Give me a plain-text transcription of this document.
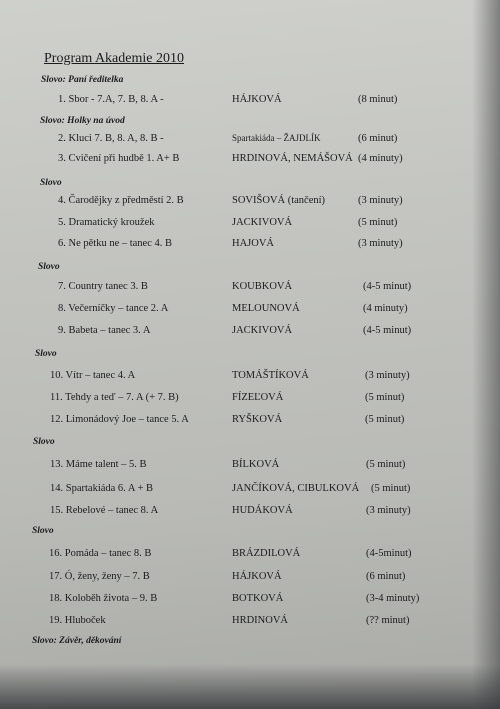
Program Akademie 2010
Slovo: Paní ředitelka
1. Sbor - 7.A, 7. B, 8. A -	HÁJKOVÁ	(8 minut)
Slovo: Holky na úvod
2. Kluci 7. B, 8. A, 8. B -	Spartakiáda – ŽAJDLÍK	(6 minut)
3. Cvičení při hudbě 1. A+ B	HRDINOVÁ, NEMÁŠOVÁ (4 minuty)
Slovo
4. Čarodějky z předměstí 2. B	SOVIŠOVÁ (tančení)	(3 minuty)
5. Dramatický kroužek	JACKIVOVÁ	(5 minut)
6. Ne pětku ne – tanec 4. B	HAJOVÁ	(3 minuty)
Slovo
7. Country tanec 3. B	KOUBKOVÁ	(4-5 minut)
8. Večerníčky – tance 2. A	MELOUNOVÁ	(4 minuty)
9. Babeta – tanec 3. A	JACKIVOVÁ	(4-5 minut)
Slovo
10. Vítr – tanec 4. A	TOMÁŠTÍKOVÁ	(3 minuty)
11. Tehdy a teď – 7. A (+ 7. B)	FÍZEĽOVÁ	(5 minut)
12. Limonádový Joe – tance 5. A	RYŠKOVÁ	(5 minut)
Slovo
13. Máme talent – 5. B	BÍLKOVÁ	(5 minut)
14. Spartakiáda 6. A + B	JANČÍKOVÁ, CIBULKOVÁ (5 minut)
15. Rebelové – tanec 8. A	HUDÁKOVÁ	(3 minuty)
Slovo
16. Pomáda – tanec 8. B	BRÁZDILOVÁ	(4-5minut)
17. Ó, ženy, ženy – 7. B	HÁJKOVÁ	(6 minut)
18. Koloběh života – 9. B	BOTKOVÁ	(3-4 minuty)
19. Hlubоček	HRDINOVÁ	(?? minut)
Slovo: Závěr, děkování
